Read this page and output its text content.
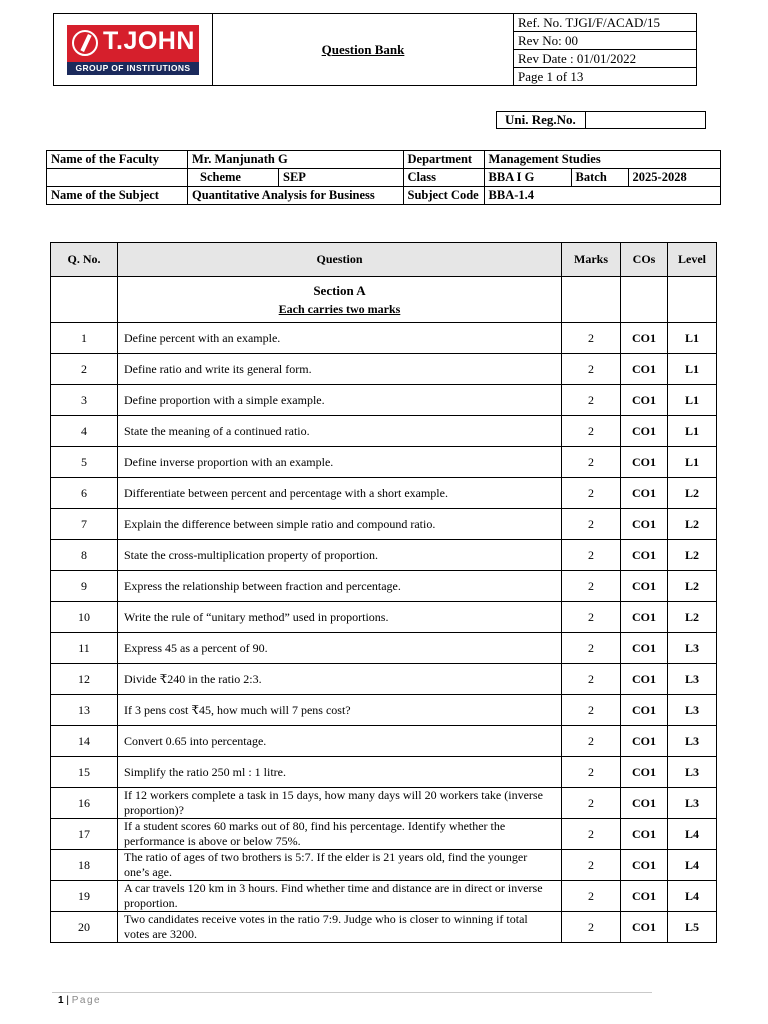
T.JOHN
GROUP OF INSTITUTIONS
	Question Bank	
Ref. No. TJGI/F/ACAD/15
Rev No: 00
Rev Date : 01/01/2022
Page 1 of 13
Uni. Reg.No.	
Name of the Faculty	Mr. Manjunath G	Department	Management Studies
	Scheme	SEP	Class	BBA I G		Batch	2025-2028

Name of the Subject	Quantitative Analysis for Business	Subject Code	BBA-1.4
Q. No.	Question	Marks	COs	Level

	Section A
Each carries two marks			

1	Define percent with an example.	2	CO1	L1
2	Define ratio and write its general form.	2	CO1	L1
3	Define proportion with a simple example.	2	CO1	L1
4	State the meaning of a continued ratio.	2	CO1	L1
5	Define inverse proportion with an example.	2	CO1	L1
6	Differentiate between percent and percentage with a short example.	2	CO1	L2
7	Explain the difference between simple ratio and compound ratio.	2	CO1	L2
8	State the cross-multiplication property of proportion.	2	CO1	L2
9	Express the relationship between fraction and percentage.	2	CO1	L2
10	Write the rule of “unitary method” used in proportions.	2	CO1	L2
11	Express 45 as a percent of 90.	2	CO1	L3
12	Divide ₹240 in the ratio 2:3.	2	CO1	L3
13	If 3 pens cost ₹45, how much will 7 pens cost?	2	CO1	L3
14	Convert 0.65 into percentage.	2	CO1	L3
15	Simplify the ratio 250 ml : 1 litre.	2	CO1	L3
16	If 12 workers complete a task in 15 days, how many days will 20 workers take (inverse proportion)?	2	CO1	L3
17	If a student scores 60 marks out of 80, find his percentage. Identify whether the performance is above or below 75%.	2	CO1	L4
18	The ratio of ages of two brothers is 5:7. If the elder is 21 years old, find the younger one’s age.	2	CO1	L4
19	A car travels 120 km in 3 hours. Find whether time and distance are in direct or inverse proportion.	2	CO1	L4
20	Two candidates receive votes in the ratio 7:9. Judge who is closer to winning if total votes are 3200.	2	CO1	L5
1 | Page
